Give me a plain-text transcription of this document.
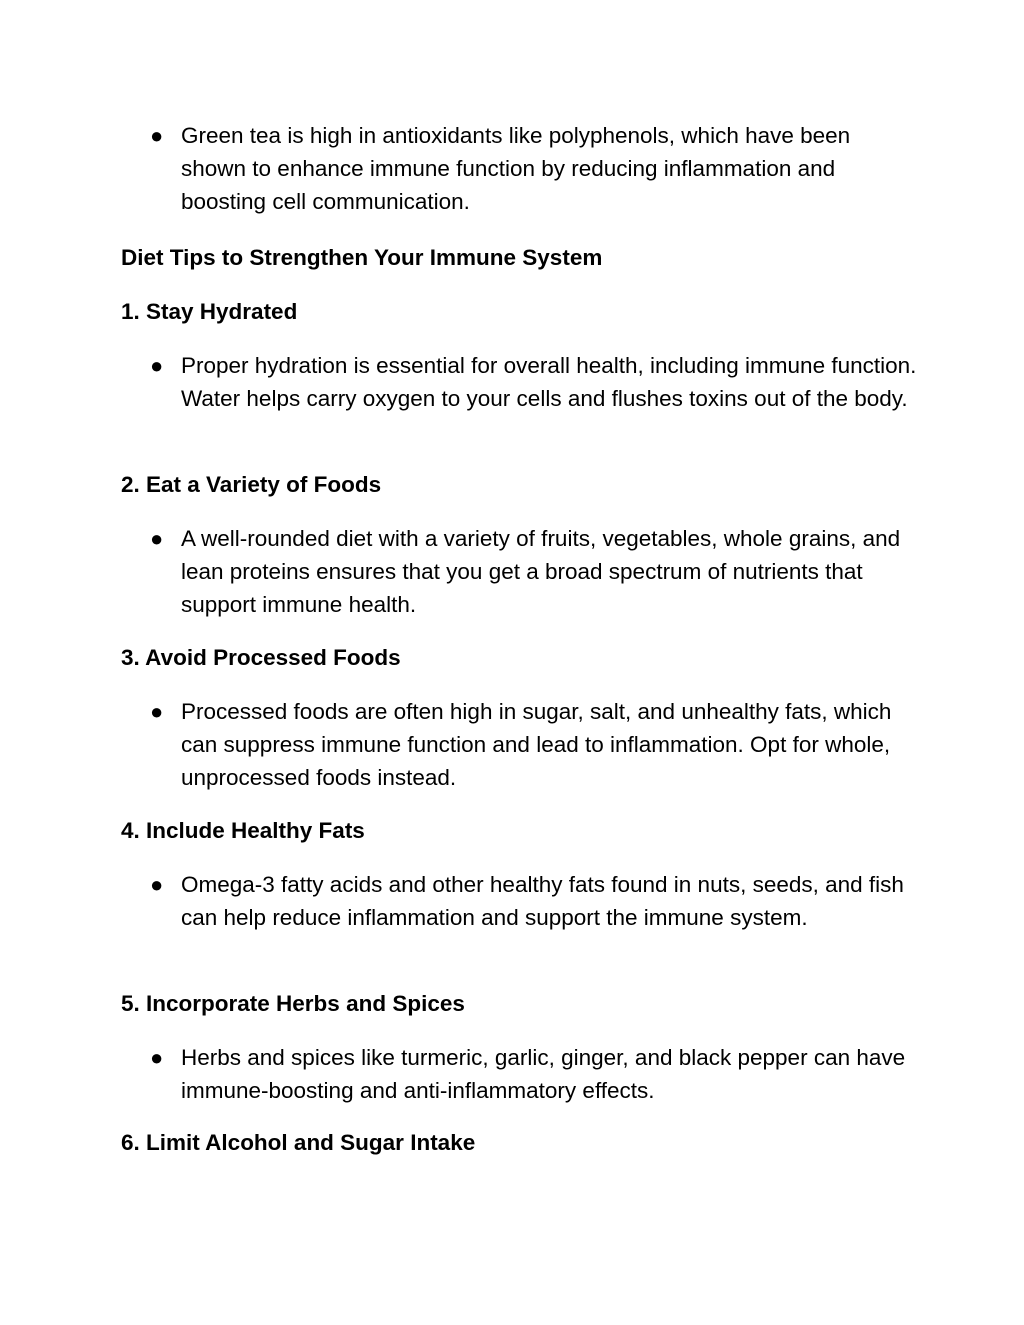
● Green tea is high in antioxidants like polyphenols, which have been shown to enhance immune function by reducing inflammation and boosting cell communication.
Diet Tips to Strengthen Your Immune System
1. Stay Hydrated
● Proper hydration is essential for overall health, including immune function. Water helps carry oxygen to your cells and flushes toxins out of the body.
2. Eat a Variety of Foods
● A well-rounded diet with a variety of fruits, vegetables, whole grains, and lean proteins ensures that you get a broad spectrum of nutrients that support immune health.
3. Avoid Processed Foods
● Processed foods are often high in sugar, salt, and unhealthy fats, which can suppress immune function and lead to inflammation. Opt for whole, unprocessed foods instead.
4. Include Healthy Fats
● Omega-3 fatty acids and other healthy fats found in nuts, seeds, and fish can help reduce inflammation and support the immune system.
5. Incorporate Herbs and Spices
● Herbs and spices like turmeric, garlic, ginger, and black pepper can have immune-boosting and anti-inflammatory effects.
6. Limit Alcohol and Sugar Intake
